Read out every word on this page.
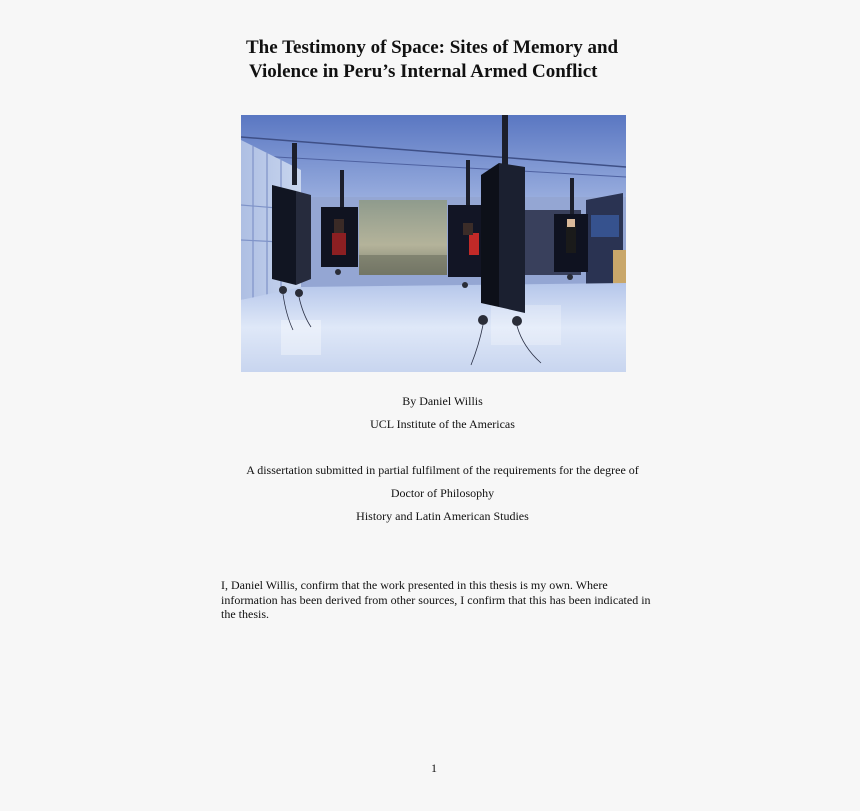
The Testimony of Space: Sites of Memory and
Violence in Peru’s Internal Armed Conflict

By Daniel Willis

UCL Institute of the Americas

A dissertation submitted in partial fulfilment of the requirements for the degree of

Doctor of Philosophy

History and Latin American Studies

I, Daniel Willis, confirm that the work presented in this thesis is my own. Where information has been derived from other sources, I confirm that this has been indicated in the thesis.

1
